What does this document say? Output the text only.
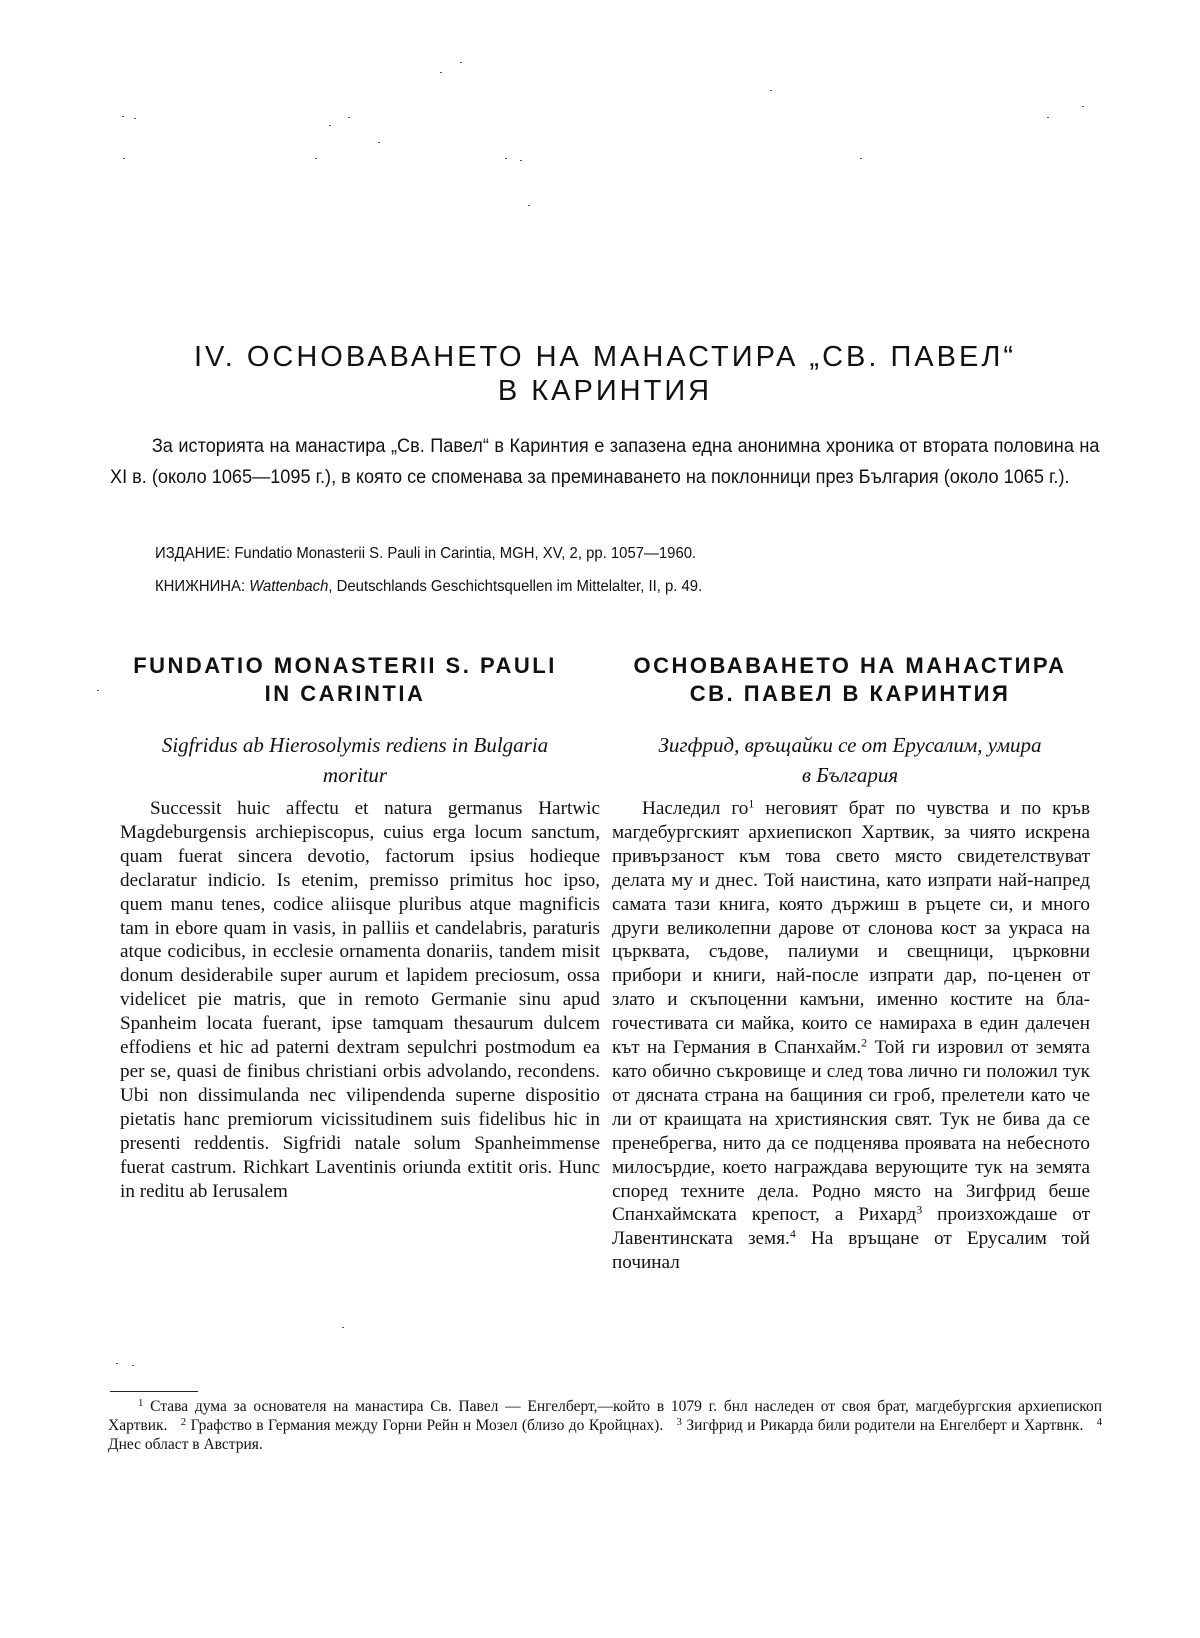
IV. ОСНОВАВАНЕТО НА МАНАСТИРА „СВ. ПАВЕЛ“
В КАРИНТИЯ

За историята на манастира „Св. Павел“ в Каринтия е запазена една анонимна хроника от втората половина на XI в. (около 1065—1095 г.), в която се споменава за преминаването на поклонници през България (около 1065 г.).

ИЗДАНИЕ: Fundatio Monasterii S. Pauli in Carintia, MGH, XV, 2, pp. 1057—1960.
КНИЖНИНА: Wattenbach, Deutschlands Geschichtsquellen im Mittelalter, II, p. 49.
FUNDATIO MONASTERII S. PAULI
IN CARINTIA
Sigfridus ab Hierosolymis rediens in Bulgaria
moritur

Successit huic affectu et natura germanus Hartwic Magdeburgensis archiepiscopus, cuius erga locum sanctum, quam fuerat sincera devotio, factorum ipsius hodieque declaratur indicio. Is etenim, premisso primitus hoc ipso, quem manu tenes, codice aliisque pluribus atque magnificis tam in ebore quam in vasis, in palliis et candelabris, paraturis atque codicibus, in ecclesie ornamenta donariis, tandem misit donum desiderabile super aurum et lapidem preciosum, ossa videlicet pie matris, que in remoto Germanie sinu apud Spanheim locata fuerant, ipse tamquam thesaurum dulcem effodiens et hic ad paterni dextram sepulchri postmodum ea per se, quasi de finibus christiani orbis advolando, recondens. Ubi non dissimulanda nec vilipendenda superne dispositio pietatis hanc premiorum vicissitudinem suis fidelibus hic in presenti reddentis. Sigfridi natale solum Spanheimmense fuerat castrum. Richkart Laventinis oriunda extitit oris. Hunc in reditu ab Ierusalem

ОСНОВАВАНЕТО НА МАНАСТИРА
СВ. ПАВЕЛ В КАРИНТИЯ
Зигфрид, връщайки се от Ерусалим, умира
в България

Наследил $го^1$ неговият брат по чувства и по кръв магдебургският архиепископ Хартвик, за чиято искрена привързаност към това свето място свидетелствуват делата му и днес. Той наистина, като изпрати най-напред самата тази книга, която държиш в ръцете си, и много други великолепни дарове от слонова кост за украса на църквата, съдове, палиуми и свещници, църковни прибори и книги, най-после изпрати дар, по-ценен от злато и скъпоценни камъни, именно костите на благочестивата си майка, които се намираха в един далечен кът на Германия в Спанхайм.$^2$ Той ги изровил от земята като обично съкровище и след това лично ги положил тук от дясната страна на бащиния си гроб, прелетели като че ли от краищата на християнския свят. Тук не бива да се пренебрегва, нито да се подценява проявата на небесното милосърдие, което награждава верующите тук на земята според техните дела. Родно място на Зигфрид беше Спанхаймската крепост, а Рихард$^3$ произхождаше от Лавентинската земя.$^4$ На връщане от Ерусалим той починал

$^1$ Става дума за основателя на манастира Св. Павел — Енгелберт,—който в 1079 г. бнл наследен от своя брат, магдебургския архиепископ Хартвик. $^2$ Графство в Германия между Горни Рейн н Мозел (близо до Кройцнах). $^3$ Зигфрид и Рикарда били родители на Енгелберт и Хартвнк. $^4$ Днес област в Австрия.
